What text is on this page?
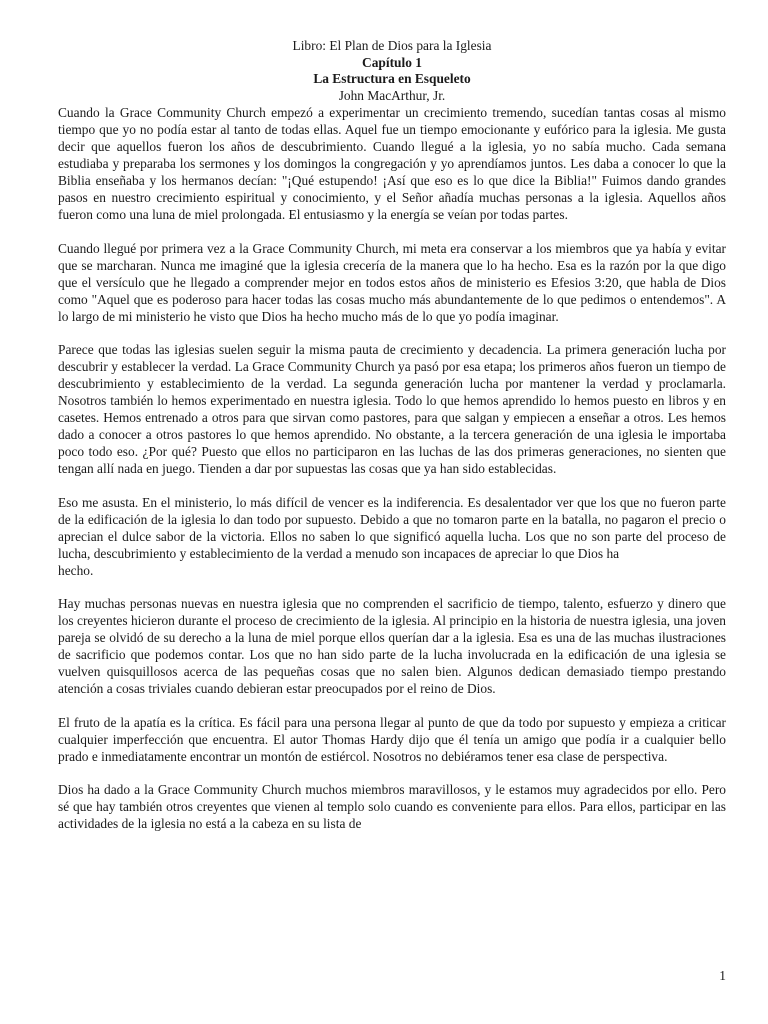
Libro: El Plan de Dios para la Iglesia

Capítulo 1

La Estructura en Esqueleto

John MacArthur, Jr.

Cuando la Grace Community Church empezó a experimentar un crecimiento tremendo, sucedían tantas cosas al mismo tiempo que yo no podía estar al tanto de todas ellas. Aquel fue un tiempo emocionante y eufórico para la iglesia. Me gusta decir que aquellos fueron los años de descubrimiento. Cuando llegué a la iglesia, yo no sabía mucho. Cada semana estudiaba y preparaba los sermones y los domingos la congregación y yo aprendíamos juntos. Les daba a conocer lo que la Biblia enseñaba y los hermanos decían: "¡Qué estupendo! ¡Así que eso es lo que dice la Biblia!" Fuimos dando grandes pasos en nuestro crecimiento espiritual y conocimiento, y el Señor añadía muchas personas a la iglesia. Aquellos años fueron como una luna de miel prolongada. El entusiasmo y la energía se veían por todas partes.

Cuando llegué por primera vez a la Grace Community Church, mi meta era conservar a los miembros que ya había y evitar que se marcharan. Nunca me imaginé que la iglesia crecería de la manera que lo ha hecho. Esa es la razón por la que digo que el versículo que he llegado a comprender mejor en todos estos años de ministerio es Efesios 3:20, que habla de Dios como "Aquel que es poderoso para hacer todas las cosas mucho más abundantemente de lo que pedimos o entendemos". A lo largo de mi ministerio he visto que Dios ha hecho mucho más de lo que yo podía imaginar.

Parece que todas las iglesias suelen seguir la misma pauta de crecimiento y decadencia. La primera generación lucha por descubrir y establecer la verdad. La Grace Community Church ya pasó por esa etapa; los primeros años fueron un tiempo de descubrimiento y establecimiento de la verdad. La segunda generación lucha por mantener la verdad y proclamarla. Nosotros también lo hemos experimentado en nuestra iglesia. Todo lo que hemos aprendido lo hemos puesto en libros y en casetes. Hemos entrenado a otros para que sirvan como pastores, para que salgan y empiecen a enseñar a otros. Les hemos dado a conocer a otros pastores lo que hemos aprendido. No obstante, a la tercera generación de una iglesia le importaba poco todo eso. ¿Por qué? Puesto que ellos no participaron en las luchas de las dos primeras generaciones, no sienten que tengan allí nada en juego. Tienden a dar por supuestas las cosas que ya han sido establecidas.

Eso me asusta. En el ministerio, lo más difícil de vencer es la indiferencia. Es desalentador ver que los que no fueron parte de la edificación de la iglesia lo dan todo por supuesto. Debido a que no tomaron parte en la batalla, no pagaron el precio o aprecian el dulce sabor de la victoria. Ellos no saben lo que significó aquella lucha. Los que no son parte del proceso de lucha, descubrimiento y establecimiento de la verdad a menudo son incapaces de apreciar lo que Dios ha

hecho.

Hay muchas personas nuevas en nuestra iglesia que no comprenden el sacrificio de tiempo, talento, esfuerzo y dinero que los creyentes hicieron durante el proceso de crecimiento de la iglesia. Al principio en la historia de nuestra iglesia, una joven pareja se olvidó de su derecho a la luna de miel porque ellos querían dar a la iglesia. Esa es una de las muchas ilustraciones de sacrificio que podemos contar. Los que no han sido parte de la lucha involucrada en la edificación de una iglesia se vuelven quisquillosos acerca de las pequeñas cosas que no salen bien. Algunos dedican demasiado tiempo prestando atención a cosas triviales cuando debieran estar preocupados por el reino de Dios.

El fruto de la apatía es la crítica. Es fácil para una persona llegar al punto de que da todo por supuesto y empieza a criticar cualquier imperfección que encuentra. El autor Thomas Hardy dijo que él tenía un amigo que podía ir a cualquier bello prado e inmediatamente encontrar un montón de estiércol. Nosotros no debiéramos tener esa clase de perspectiva.

Dios ha dado a la Grace Community Church muchos miembros maravillosos, y le estamos muy agradecidos por ello. Pero sé que hay también otros creyentes que vienen al templo solo cuando es conveniente para ellos. Para ellos, participar en las actividades de la iglesia no está a la cabeza en su lista de

1
